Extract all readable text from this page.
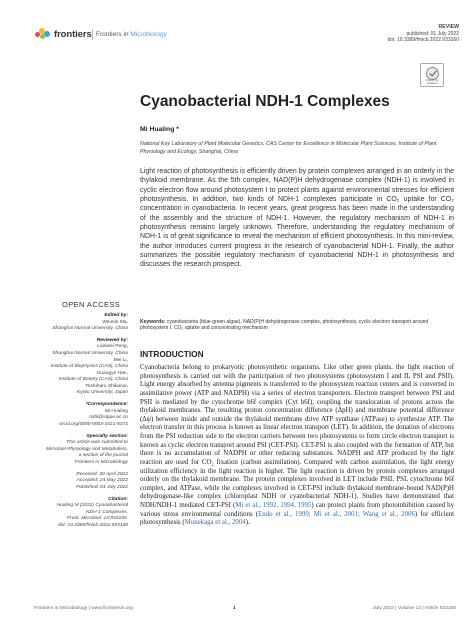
frontiers Frontiers in Microbiology
REVIEW
published: 01 July 2022
doi: 10.3389/fmicb.2022.933160
Check for updates
Cyanobacterial NDH-1 Complexes
Mi Hualing *
National Key Laboratory of Plant Molecular Genetics, CAS Center for Excellence in Molecular Plant Sciences, Institute of Plant Physiology and Ecology, Shanghai, China
Light reaction of photosynthesis is efficiently driven by protein complexes arranged in an orderly in the thylakoid membrane. As the 5th complex, NAD(P)H dehydrogenase complex (NDH-1) is involved in cyclic electron flow around photosystem I to protect plants against environmental stresses for efficient photosynthesis. In addition, two kinds of NDH-1 complexes participate in CO₂ uptake for CO₂ concentration in cyanobacteria. In recent years, great progress has been made in the understanding of the assembly and the structure of NDH-1. However, the regulatory mechanism of NDH-1 in photosynthesis remains largely unknown. Therefore, understanding the regulatory mechanism of NDH-1 is of great significance to reveal the mechanism of efficient photosynthesis. In this mini-review, the author introduces current progress in the research of cyanobacterial NDH-1. Finally, the author summarizes the possible regulatory mechanism of cyanobacterial NDH-1 in photosynthesis and discusses the research prospect.
Keywords: cyanobacteria (blue-green algae), NAD(P)H dehydrogenase complex, photosynthesis, cyclic electron transport around photosystem I, CO₂ uptake and concentrating mechanism
OPEN ACCESS
Edited by:
Weimin Ma,
Shanghai Normal University, China
Reviewed by:
Lianwei Peng,
Shanghai Normal University, China
Mei Li,
Institute of Biophysics (CAS), China
Guangye Han,
Institute of Botany (CAS), China
Toshiharu Shikanai,
Kyoto University, Japan
*Correspondence:
Mi Hualing
mihl@sippe.ac.cn
orcid.org/0000-0003-1021-8372
Specialty section:
This article was submitted to
Microbial Physiology and Metabolism,
a section of the journal
Frontiers in Microbiology
Received: 30 April 2022
Accepted: 24 May 2022
Published: 01 July 2022
Citation:
Hualing M (2022) Cyanobacterial
NDH-1 Complexes.
Front. Microbiol. 13:933160.
doi: 10.3389/fmicb.2022.933160
INTRODUCTION
Cyanobacteria belong to prokaryotic photosynthetic organisms. Like other green plants, the light reaction of photosynthesis is carried out with the participation of two photosystems (photosystem I and II, PSI and PSII). Light energy absorbed by antenna pigments is transferred to the photosystem reaction centers and is converted to assimilative power (ATP and NADPH) via a series of electron transporters. Electron transport between PSI and PSII is mediated by the cytochrome b6f complex (Cyt b6f), coupling the translocation of protons across the thylakoid membranes. The resulting proton concentration difference (ΔpH) and membrane potential difference (Δψ) between inside and outside the thylakoid membrane drive ATP synthase (ATPase) to synthesize ATP. The electron transfer in this process is known as linear electron transport (LET). In addition, the donation of electrons from the PSI reduction side to the electron carriers between two photosystems to form circle electron transport is known as cyclic electron transport around PSI (CET-PSI). CET-PSI is also coupled with the formation of ATP, but there is no accumulation of NADPH or other reducing substances. NADPH and ATP produced by the light reaction are used for CO₂ fixation (carbon assimilation). Compared with carbon assimilation, the light energy utilization efficiency in the light reaction is higher. The light reaction is driven by protein complexes arranged orderly on the thylakoid membrane. The protein complexes involved in LET include PSII, PSI, cytochrome b6f complex, and ATPase, while the complexes involved in CET-PSI include thylakoid membrane-bound NAD(P)H dehydrogenase-like complex (chloroplast NDH or cyanobacterial NDH-1). Studies have demonstrated that NDH/NDH-1 mediated CET-PSI (Mi et al., 1992, 1994, 1995) can protect plants from photoinhibition caused by various stress environmental conditions (Endo et al., 1999; Mi et al., 2001; Wang et al., 2006) for efficient photosynthesis (Munekaga et al., 2004).
Frontiers in Microbiology | www.frontiersin.org	1	July 2022 | Volume 13 | Article 933160
